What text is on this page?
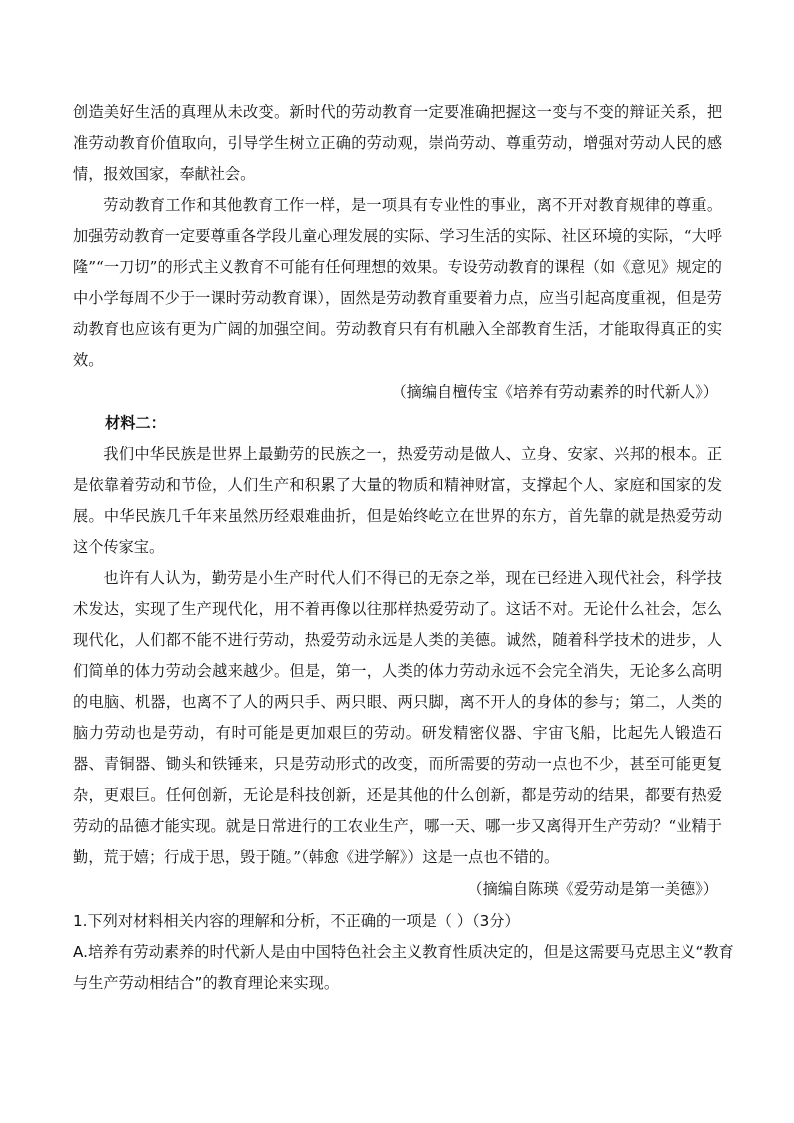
创造美好生活的真理从未改变。新时代的劳动教育一定要准确把握这一变与不变的辩证关系，把准劳动教育价值取向，引导学生树立正确的劳动观，崇尚劳动、尊重劳动，增强对劳动人民的感情，报效国家，奉献社会。

劳动教育工作和其他教育工作一样，是一项具有专业性的事业，离不开对教育规律的尊重。加强劳动教育一定要尊重各学段儿童心理发展的实际、学习生活的实际、社区环境的实际，“大呼隆”“一刀切”的形式主义教育不可能有任何理想的效果。专设劳动教育的课程（如《意见》规定的中小学每周不少于一课时劳动教育课），固然是劳动教育重要着力点，应当引起高度重视，但是劳动教育也应该有更为广阔的加强空间。劳动教育只有有机融入全部教育生活，才能取得真正的实效。

（摘编自檀传宝《培养有劳动素养的时代新人》）
材料二：

我们中华民族是世界上最勤劳的民族之一，热爱劳动是做人、立身、安家、兴邦的根本。正是依靠着劳动和节俭，人们生产和积累了大量的物质和精神财富，支撑起个人、家庭和国家的发展。中华民族几千年来虽然历经艰难曲折，但是始终屹立在世界的东方，首先靠的就是热爱劳动这个传家宝。

也许有人认为，勤劳是小生产时代人们不得已的无奈之举，现在已经进入现代社会，科学技术发达，实现了生产现代化，用不着再像以往那样热爱劳动了。这话不对。无论什么社会，怎么现代化，人们都不能不进行劳动，热爱劳动永远是人类的美德。诚然，随着科学技术的进步，人们简单的体力劳动会越来越少。但是，第一，人类的体力劳动永远不会完全消失，无论多么高明的电脑、机器，也离不了人的两只手、两只眼、两只脚，离不开人的身体的参与；第二，人类的脑力劳动也是劳动，有时可能是更加艰巨的劳动。研发精密仪器、宇宙飞船，比起先人锻造石器、青铜器、锄头和铁锤来，只是劳动形式的改变，而所需要的劳动一点也不少，甚至可能更复杂，更艰巨。任何创新，无论是科技创新，还是其他的什么创新，都是劳动的结果，都要有热爱劳动的品德才能实现。就是日常进行的工农业生产，哪一天、哪一步又离得开生产劳动？“业精于勤，荒于嬉；行成于思，毁于随。”（韩愈《进学解》）这是一点也不错的。

（摘编自陈瑛《爱劳动是第一美德》）
1.下列对材料相关内容的理解和分析，不正确的一项是（ ）（3分）
A.培养有劳动素养的时代新人是由中国特色社会主义教育性质决定的，但是这需要马克思主义“教育与生产劳动相结合”的教育理论来实现。
